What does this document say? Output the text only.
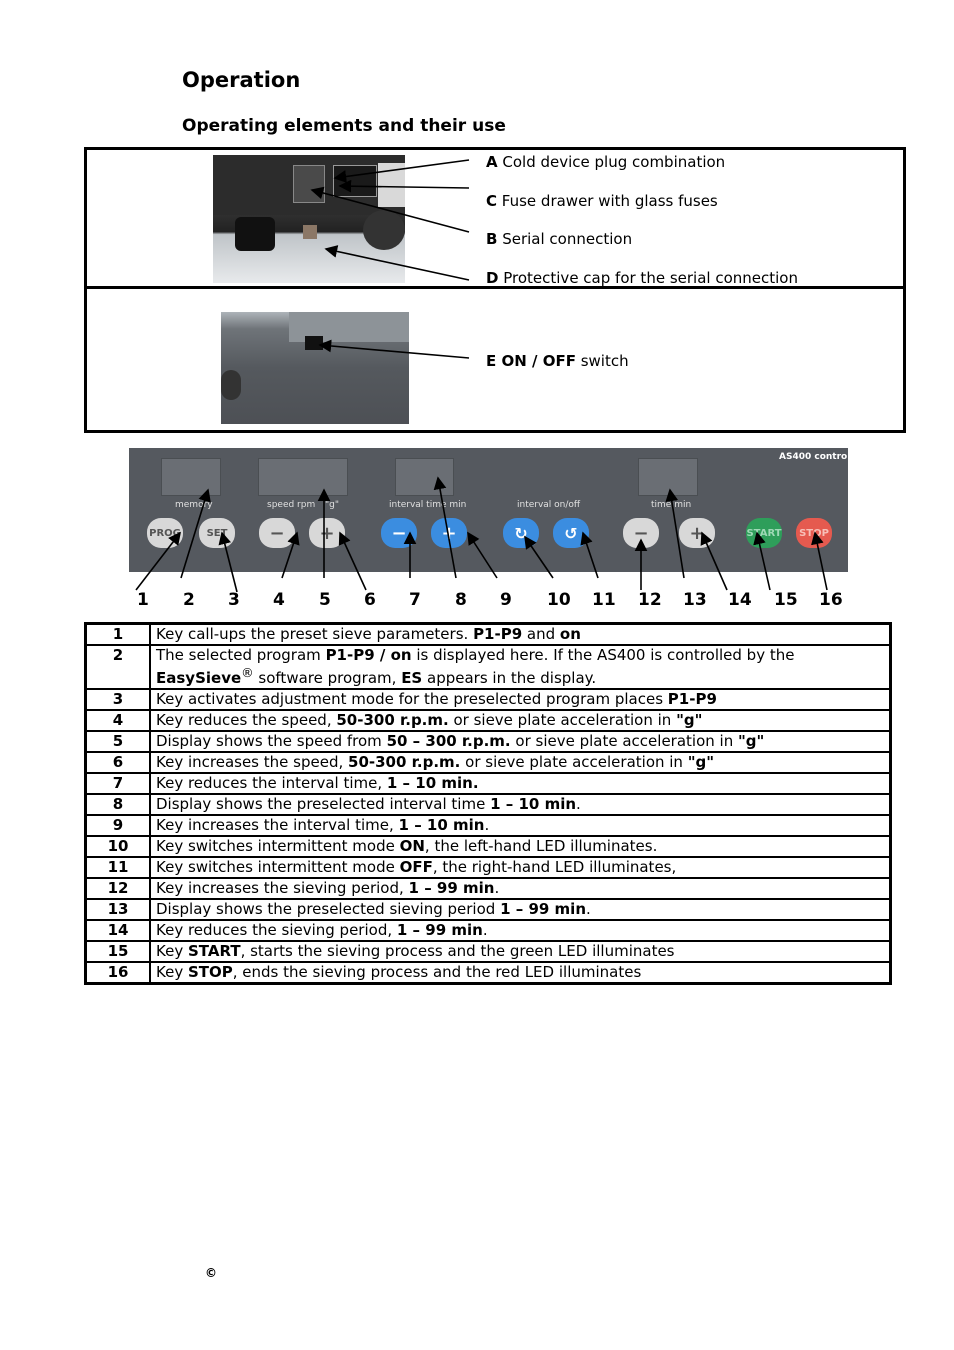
Operation
Operating elements and their use
A Cold device plug combination
C Fuse drawer with glass fuses
B Serial connection
D Protective cap for the serial connection
E ON / OFF switch
AS400 control
memory	speed rpm "g"	interval time min	interval on/off	time min
PROG	SET	−	+	−	+	↻	↺	−	+	START	STOP
1 2 3 4 5 6 7 8 9 10 11 12 13 14 15 16
1	Key call-ups the preset sieve parameters. P1-P9 and on
2	The selected program P1-P9 / on is displayed here. If the AS400 is controlled by the EasySieve® software program, ES appears in the display.
3	Key activates adjustment mode for the preselected program places P1-P9
4	Key reduces the speed, 50-300 r.p.m. or sieve plate acceleration in "g"
5	Display shows the speed from 50 – 300 r.p.m. or sieve plate acceleration in "g"
6	Key increases the speed, 50-300 r.p.m. or sieve plate acceleration in "g"
7	Key reduces the interval time, 1 – 10 min.
8	Display shows the preselected interval time 1 – 10 min.
9	Key increases the interval time, 1 – 10 min.
10	Key switches intermittent mode ON, the left-hand LED illuminates.
11	Key switches intermittent mode OFF, the right-hand LED illuminates,
12	Key increases the sieving period, 1 – 99 min.
13	Display shows the preselected sieving period 1 – 99 min.
14	Key reduces the sieving period, 1 – 99 min.
15	Key START, starts the sieving process and the green LED illuminates
16	Key STOP, ends the sieving process and the red LED illuminates
©
